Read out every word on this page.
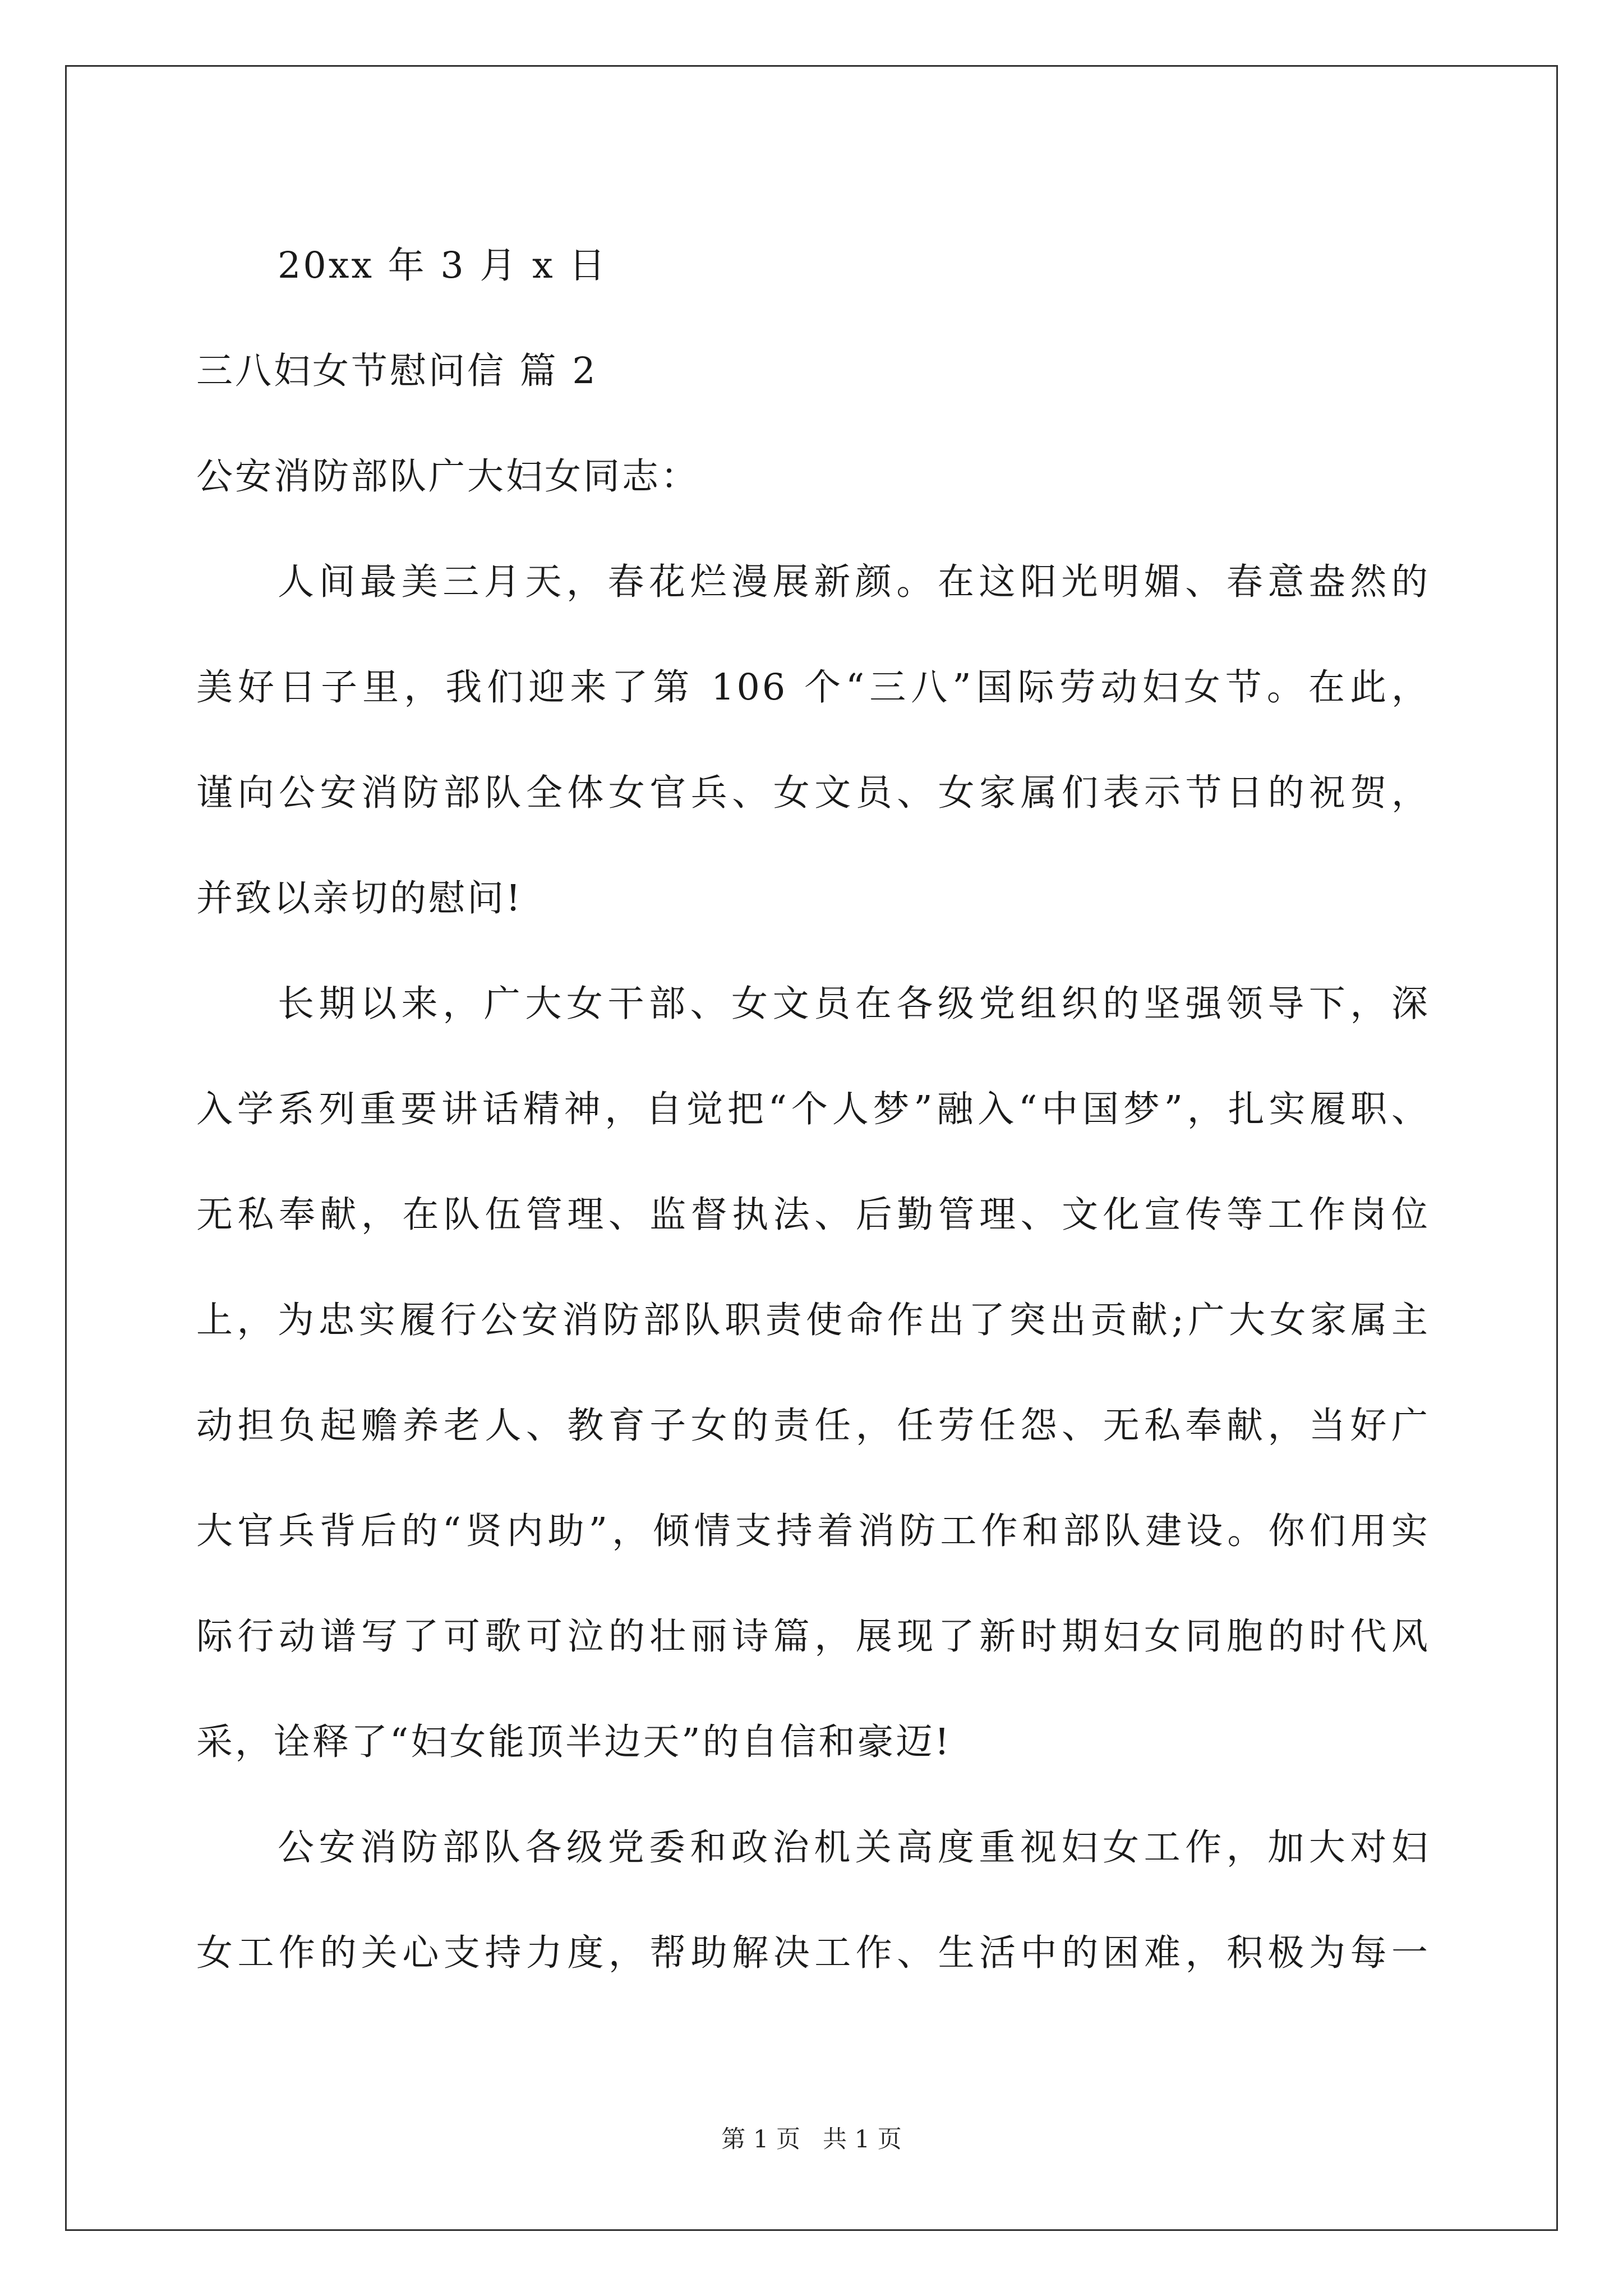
20xx 年 3 月 x 日
三八妇女节慰问信 篇 2
公安消防部队广大妇女同志：
人间最美三月天，春花烂漫展新颜。在这阳光明媚、春意盎然的
美好日子里，我们迎来了第 106 个“三八”国际劳动妇女节。在此，
谨向公安消防部队全体女官兵、女文员、女家属们表示节日的祝贺，
并致以亲切的慰问!
长期以来，广大女干部、女文员在各级党组织的坚强领导下，深
入学系列重要讲话精神，自觉把“个人梦”融入“中国梦”，扎实履职、
无私奉献，在队伍管理、监督执法、后勤管理、文化宣传等工作岗位
上，为忠实履行公安消防部队职责使命作出了突出贡献;广大女家属主
动担负起赡养老人、教育子女的责任，任劳任怨、无私奉献，当好广
大官兵背后的“贤内助”，倾情支持着消防工作和部队建设。你们用实
际行动谱写了可歌可泣的壮丽诗篇，展现了新时期妇女同胞的时代风
采，诠释了“妇女能顶半边天”的自信和豪迈!
公安消防部队各级党委和政治机关高度重视妇女工作，加大对妇
女工作的关心支持力度，帮助解决工作、生活中的困难，积极为每一
第 1 页 共 1 页
